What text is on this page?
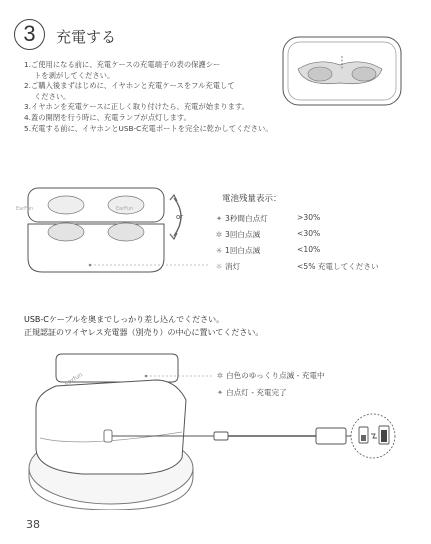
3	充電する
1.ご使用になる前に、充電ケースの充電端子の表の保護シー
トを剥がしてください。
2.ご購入後まずはじめに、イヤホンと充電ケースをフル充電して
ください。
3.イヤホンを充電ケースに正しく取り付けたら、充電が始まります。
4.蓋の開閉を行う時に、充電ランプが点灯します。
5.充電する前に、イヤホンとUSB-C充電ポートを完全に乾かしてください。
EarFun	EarFun
or
電池残量表示：
✦ 3秒間白点灯	>30%
✲ 3回白点滅	<30%
✳ 1回白点滅	<10%
☼ 消灯	<5% 充電してください
USB-Cケーブルを奥までしっかり差し込んでください。
正規認証のワイヤレス充電器（別売り）の中心に置いてください。
earfun	✲ 白色のゆっくり点滅 - 充電中
✦ 白点灯 - 充電完了
38
